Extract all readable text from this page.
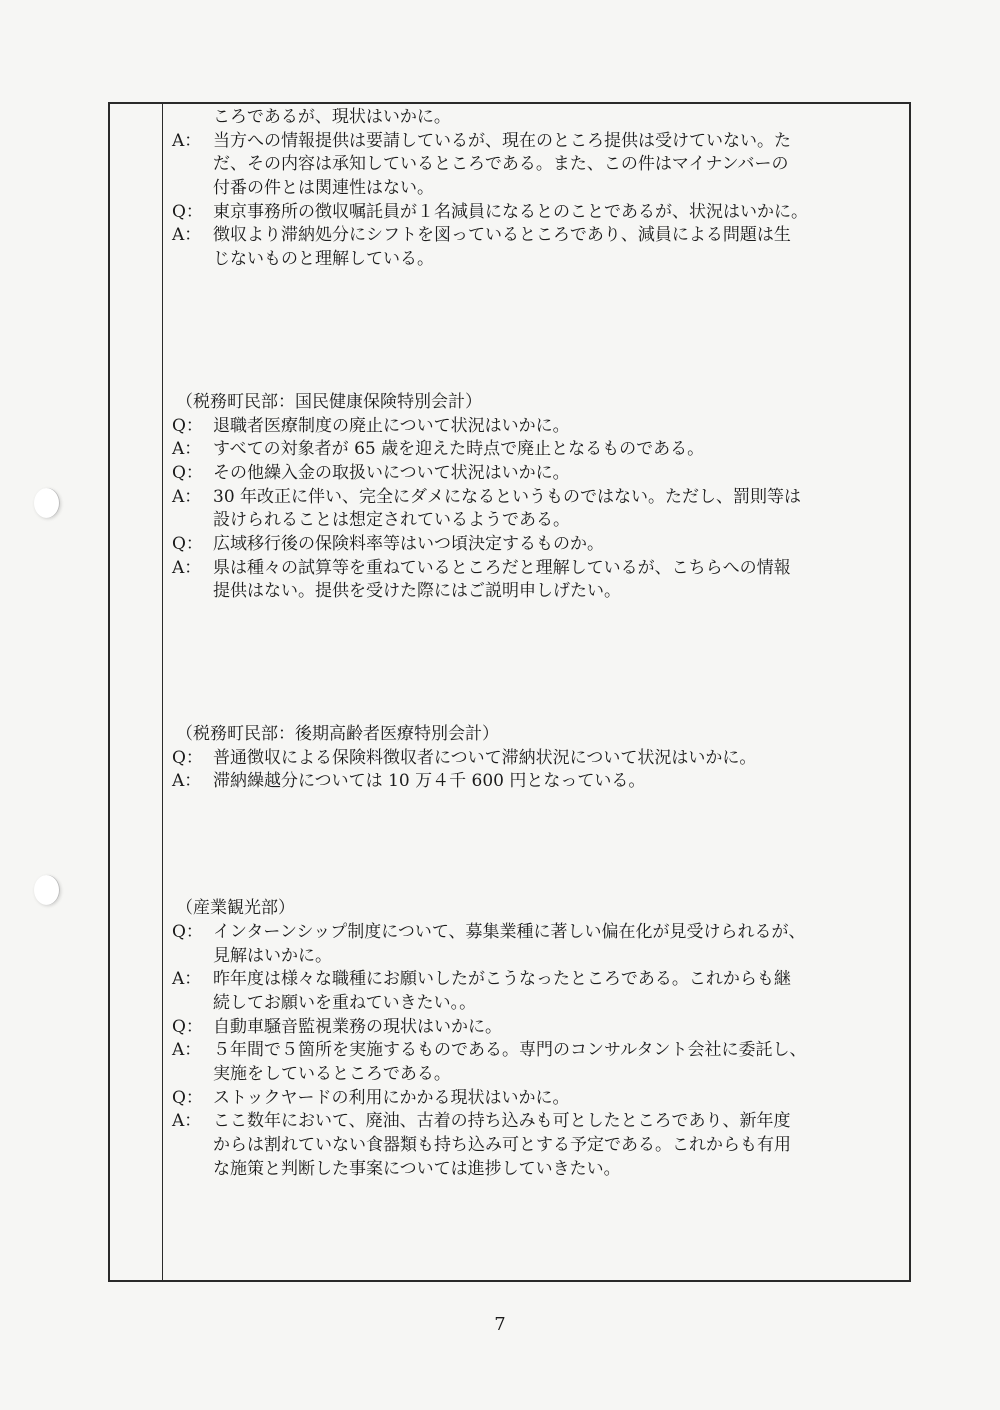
ころであるが、現状はいかに。
A： 当方への情報提供は要請しているが、現在のところ提供は受けていない。た
だ、その内容は承知しているところである。また、この件はマイナンバーの
付番の件とは関連性はない。
Q： 東京事務所の徴収嘱託員が１名減員になるとのことであるが、状況はいかに。
A： 徴収より滞納処分にシフトを図っているところであり、減員による問題は生
じないものと理解している。
（税務町民部：国民健康保険特別会計）
Q： 退職者医療制度の廃止について状況はいかに。
A： すべての対象者が 65 歳を迎えた時点で廃止となるものである。
Q： その他繰入金の取扱いについて状況はいかに。
A： 30 年改正に伴い、完全にダメになるというものではない。ただし、罰則等は
設けられることは想定されているようである。
Q： 広域移行後の保険料率等はいつ頃決定するものか。
A： 県は種々の試算等を重ねているところだと理解しているが、こちらへの情報
提供はない。提供を受けた際にはご説明申しげたい。
（税務町民部：後期高齢者医療特別会計）
Q： 普通徴収による保険料徴収者について滞納状況について状況はいかに。
A： 滞納繰越分については 10 万４千 600 円となっている。
（産業観光部）
Q： インターンシップ制度について、募集業種に著しい偏在化が見受けられるが、
見解はいかに。
A： 昨年度は様々な職種にお願いしたがこうなったところである。これからも継
続してお願いを重ねていきたい。。
Q： 自動車騒音監視業務の現状はいかに。
A： ５年間で５箇所を実施するものである。専門のコンサルタント会社に委託し、
実施をしているところである。
Q： ストックヤードの利用にかかる現状はいかに。
A： ここ数年において、廃油、古着の持ち込みも可としたところであり、新年度
からは割れていない食器類も持ち込み可とする予定である。これからも有用
な施策と判断した事案については進捗していきたい。
7
